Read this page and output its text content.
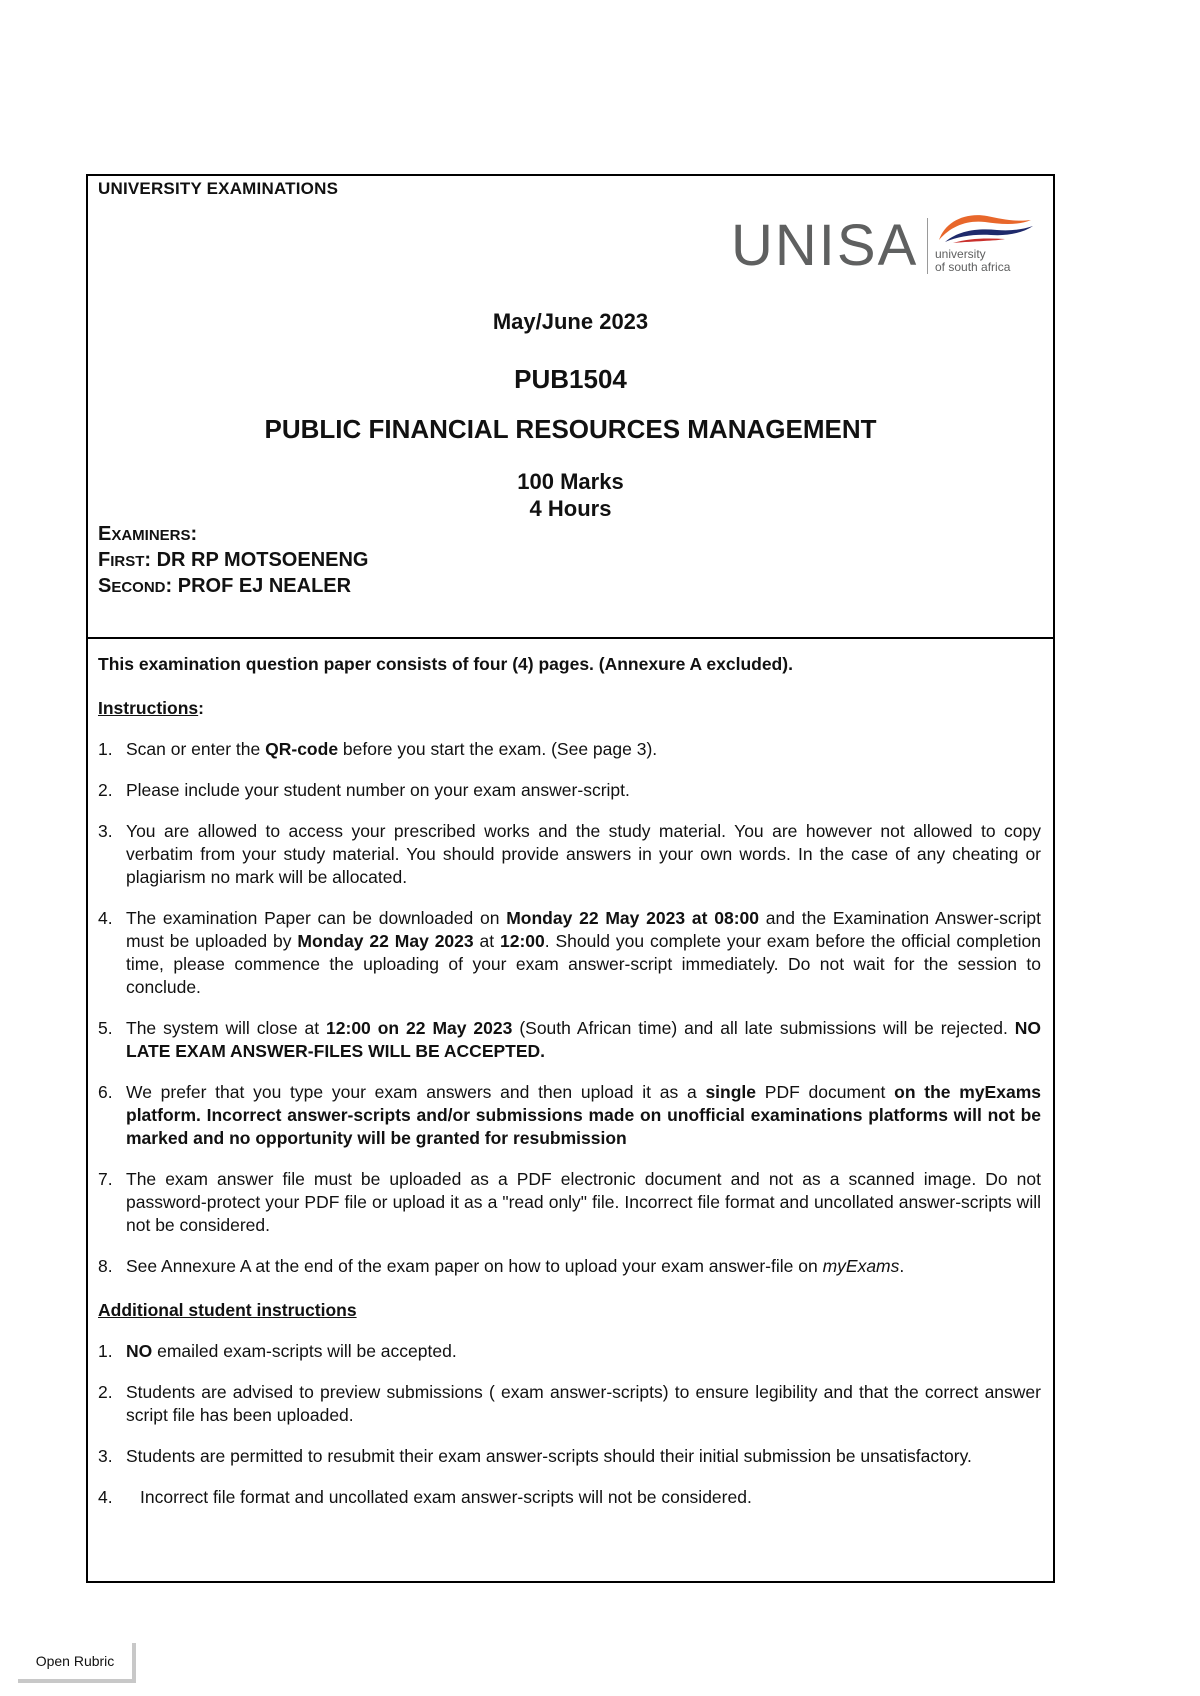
UNIVERSITY EXAMINATIONS
UNISA university
of south africa
May/June 2023
PUB1504
PUBLIC FINANCIAL RESOURCES MANAGEMENT
100 Marks
4 Hours
EXAMINERS:
FIRST: DR RP MOTSOENENG
SECOND: PROF EJ NEALER

This examination question paper consists of four (4) pages. (Annexure A excluded).

Instructions:

1. Scan or enter the QR-code before you start the exam. (See page 3).
2. Please include your student number on your exam answer-script.
3. You are allowed to access your prescribed works and the study material. You are however not allowed to copy verbatim from your study material. You should provide answers in your own words. In the case of any cheating or plagiarism no mark will be allocated.
4. The examination Paper can be downloaded on Monday 22 May 2023 at 08:00 and the Examination Answer-script must be uploaded by Monday 22 May 2023 at 12:00. Should you complete your exam before the official completion time, please commence the uploading of your exam answer-script immediately. Do not wait for the session to conclude.
5. The system will close at 12:00 on 22 May 2023 (South African time) and all late submissions will be rejected. NO LATE EXAM ANSWER-FILES WILL BE ACCEPTED.
6. We prefer that you type your exam answers and then upload it as a single PDF document on the myExams platform. Incorrect answer-scripts and/or submissions made on unofficial examinations platforms will not be marked and no opportunity will be granted for resubmission
7. The exam answer file must be uploaded as a PDF electronic document and not as a scanned image. Do not password-protect your PDF file or upload it as a "read only" file. Incorrect file format and uncollated answer-scripts will not be considered.
8. See Annexure A at the end of the exam paper on how to upload your exam answer-file on myExams.

Additional student instructions

1. NO emailed exam-scripts will be accepted.
2. Students are advised to preview submissions ( exam answer-scripts) to ensure legibility and that the correct answer script file has been uploaded.
3. Students are permitted to resubmit their exam answer-scripts should their initial submission be unsatisfactory.
4. Incorrect file format and uncollated exam answer-scripts will not be considered.
Open Rubric
